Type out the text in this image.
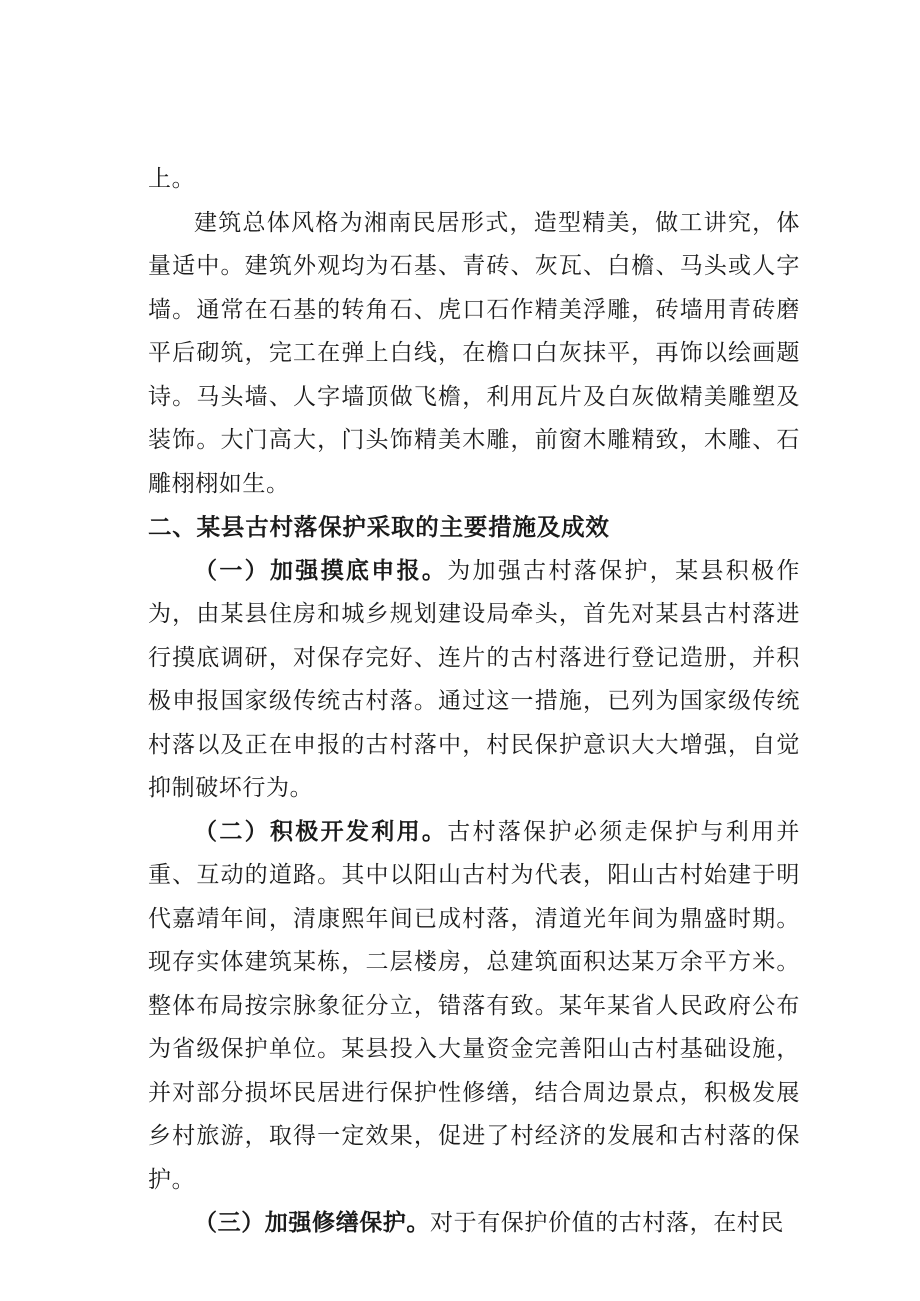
上。

建筑总体风格为湘南民居形式，造型精美，做工讲究，体量适中。建筑外观均为石基、青砖、灰瓦、白檐、马头或人字墙。通常在石基的转角石、虎口石作精美浮雕，砖墙用青砖磨平后砌筑，完工在弹上白线，在檐口白灰抹平，再饰以绘画题诗。马头墙、人字墙顶做飞檐，利用瓦片及白灰做精美雕塑及装饰。大门高大，门头饰精美木雕，前窗木雕精致，木雕、石雕栩栩如生。

二、某县古村落保护采取的主要措施及成效

（一）加强摸底申报。为加强古村落保护，某县积极作为，由某县住房和城乡规划建设局牵头，首先对某县古村落进行摸底调研，对保存完好、连片的古村落进行登记造册，并积极申报国家级传统古村落。通过这一措施，已列为国家级传统村落以及正在申报的古村落中，村民保护意识大大增强，自觉抑制破坏行为。

（二）积极开发利用。古村落保护必须走保护与利用并重、互动的道路。其中以阳山古村为代表，阳山古村始建于明代嘉靖年间，清康熙年间已成村落，清道光年间为鼎盛时期。现存实体建筑某栋，二层楼房，总建筑面积达某万余平方米。整体布局按宗脉象征分立，错落有致。某年某省人民政府公布为省级保护单位。某县投入大量资金完善阳山古村基础设施，并对部分损坏民居进行保护性修缮，结合周边景点，积极发展乡村旅游，取得一定效果，促进了村经济的发展和古村落的保护。

（三）加强修缮保护。对于有保护价值的古村落，在村民
